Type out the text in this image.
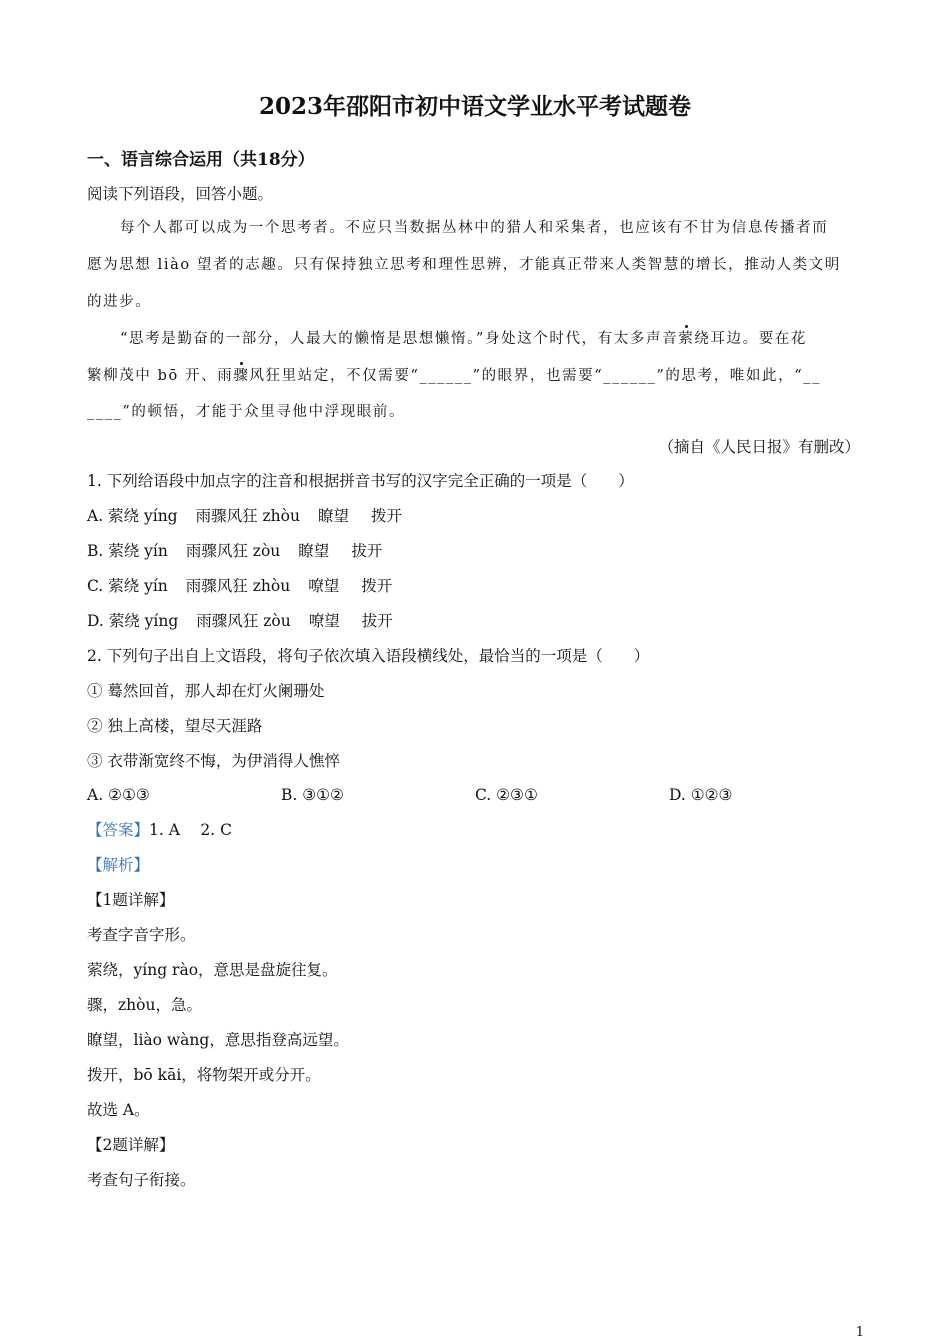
2023年邵阳市初中语文学业水平考试题卷
一、语言综合运用（共18分）
阅读下列语段，回答小题。
每个人都可以成为一个思考者。不应只当数据丛林中的猎人和采集者，也应该有不甘为信息传播者而
愿为思想 liào 望者的志趣。只有保持独立思考和理性思辨，才能真正带来人类智慧的增长，推动人类文明
的进步。
“思考是勤奋的一部分，人最大的懒惰是思想懒惰。”身处这个时代，有太多声音萦绕耳边。要在花
繁柳茂中 bō 开、雨骤风狂里站定，不仅需要“______”的眼界，也需要“______”的思考，唯如此，“__
____”的顿悟，才能于众里寻他中浮现眼前。
（摘自《人民日报》有删改）
1. 下列给语段中加点字的注音和根据拼音书写的汉字完全正确的一项是（　　）
A. 萦绕 yíng 雨骤风狂 zhòu 瞭望 拨开
B. 萦绕 yín 雨骤风狂 zòu 瞭望 拔开
C. 萦绕 yín 雨骤风狂 zhòu 嘹望 拨开
D. 萦绕 yíng 雨骤风狂 zòu 嘹望 拔开
2. 下列句子出自上文语段，将句子依次填入语段横线处，最恰当的一项是（　　）
① 蓦然回首，那人却在灯火阑珊处
② 独上高楼，望尽天涯路
③ 衣带渐宽终不悔，为伊消得人憔悴
A. ②①③	B. ③①②	C. ②③①	D. ①②③
【答案】1. A　 2. C
【解析】
【1题详解】
考查字音字形。
萦绕，yíng rào，意思是盘旋往复。
骤，zhòu，急。
瞭望，liào wàng，意思指登高远望。
拨开，bō kāi，将物架开或分开。
故选 A。
【2题详解】
考查句子衔接。
1
